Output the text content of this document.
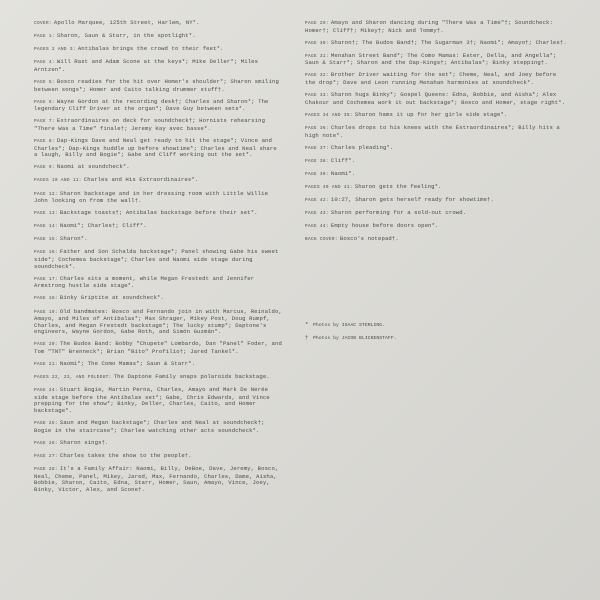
COVER: Apollo Marquee, 125th Street, Harlem, NY*.

PAGE 1: Sharon, Saun & Starr, in the spotlight*.

PAGES 2 AND 3: Antibalas brings the crowd to their feet*.

PAGE 4: Will Rast and Adam Scone at the keys*; Mike Deller*; Miles Arntzen*.

PAGE 5: Bosco readies for the hit over Homer's shoulder*; Sharon smiling between songs*; Homer and Caito talking drummer stuff†.

PAGE 6: Wayne Gordon at the recording desk†; Charles and Sharon*; The legendary Cliff Driver at the organ*; Dave Guy between sets*.

PAGE 7: Extraordinaires on deck for soundcheck†; Hornists rehearsing "There Was a Time" finale†; Jeremy Kay avec basse*.

PAGE 8: Dap-Kings Dave and Neal get ready to hit the stage*; Vince and Charles*; Dap-Kings huddle up before showtime*; Charles and Neal share a laugh, Billy and Bogie*; Gabe and Cliff working out the set*.

PAGE 9: Naomi at soundcheck*.

PAGES 10 AND 11: Charles and His Extraordinaires*.

PAGE 12: Sharon backstage and in her dressing room with Little Willie John looking on from the wall†.

PAGE 13: Backstage toasts†; Antibalas backstage before their set*.

PAGE 14: Naomi*; Charles†; Cliff*.

PAGE 15: Sharon*.

PAGE 16: Father and Son Schalda backstage*; Panel showing Gabe his sweet side*; Cochemea backstage*; Charles and Naomi side stage during soundcheck*.

PAGE 17: Charles sits a moment, while Megan Frestedt and Jennifer Armstrong hustle side stage*.

PAGE 18: Binky Griptite at soundcheck*.

PAGE 19: Old bandmates: Bosco and Fernando join in with Marcus, Reinaldo, Amayo, and Miles of Antibalas*; Max Shrager, Mikey Post, Doug Rumpf, Charles, and Megan Frestedt backstage*; The lucky stump*; Daptone's engineers, Wayne Gordon, Gabe Roth, and Simón Guzmán*.

PAGE 20: The Budos Band: Bobby "Chupete" Lombardo, Dan "Panel" Foder, and Tom "TNT" Brenneck*; Brian "Bito" Profilio†; Jared Tankel*.

PAGE 21: Naomi*; The Como Mamas*; Saun & Starr*.

PAGES 22, 23, AND FOLDOUT: The Daptone Family snaps polaroids backstage.

PAGE 24: Stuart Bogie, Martin Perna, Charles, Amayo and Mark De Nerée side stage before the Antibalas set*; Gabe, Chris Edwards, and Vince prepping for the show*; Binky, Deller, Charles, Caito, and Homer backstage*.

PAGE 25: Saun and Megan backstage*; Charles and Neal at soundcheck†; Bogie in the staircase*; Charles watching other acts soundcheck*.

PAGE 26: Sharon sings†.

PAGE 27: Charles takes the show to the people†.

PAGE 28: It's a Family Affair: Naomi, Billy, DeBoe, Dave, Jeremy, Bosco, Neal, Cheme, Panel, Mikey, Jared, Max, Fernando, Charles, Dame, Aisha, Bobbie, Sharon, Caito, Edna, Starr, Homer, Saun, Amayo, Vince, Joey, Binky, Victor, Alex, and Scone†.

PAGE 29: Amayo and Sharon dancing during "There Was a Time"†; Soundcheck: Homer†; Cliff†; Mikey†; Nick and Tommy†.

PAGE 30: Sharon†; The Budos Band†; The Sugarman 3†; Naomi*; Amayo†; Charles†.

PAGE 31: Menahan Street Band*; The Como Mamas: Ester, Della, and Angella*; Saun & Starr*; Sharon and the Dap-Kings†; Antibalas*; Binky stepping†.

PAGE 32: Brother Driver waiting for the set*; Cheme, Neal, and Joey before the drop*; Dave and Leon running Menahan harmonies at soundcheck*.

PAGE 33: Sharon hugs Binky*; Gospel Queens: Edna, Bobbie, and Aisha*; Alex Chakour and Cochemea work it out backstage*; Bosco and Homer, stage right*.

PAGES 34 AND 35: Sharon hams it up for her girls side stage*.

PAGE 36: Charles drops to his knees with the Extraordinaires*; Billy hits a high note*.

PAGE 37: Charles pleading*.

PAGE 38: Cliff*.

PAGE 39: Naomi*.

PAGES 40 AND 41: Sharon gets the feeling*.

PAGE 42: 10:27, Sharon gets herself ready for showtime†.

PAGE 43: Sharon performing for a sold-out crowd.

PAGE 44: Empty house before doors open*.

BACK COVER: Bosco's notepad†.

* Photos by ISAAC STERLING.
† Photos by JACOB BLICKENSTAFF.
